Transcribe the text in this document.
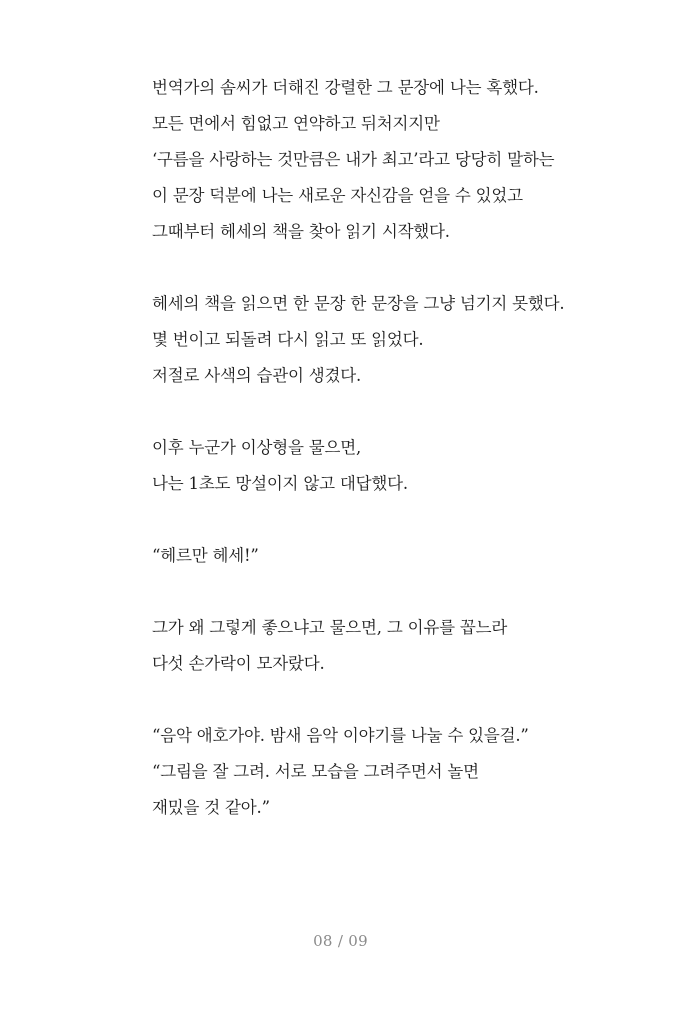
번역가의 솜씨가 더해진 강렬한 그 문장에 나는 혹했다.
모든 면에서 힘없고 연약하고 뒤처지지만
‘구름을 사랑하는 것만큼은 내가 최고’라고 당당히 말하는
이 문장 덕분에 나는 새로운 자신감을 얻을 수 있었고
그때부터 헤세의 책을 찾아 읽기 시작했다.
헤세의 책을 읽으면 한 문장 한 문장을 그냥 넘기지 못했다.
몇 번이고 되돌려 다시 읽고 또 읽었다.
저절로 사색의 습관이 생겼다.
이후 누군가 이상형을 물으면,
나는 1초도 망설이지 않고 대답했다.
“헤르만 헤세!”
그가 왜 그렇게 좋으냐고 물으면, 그 이유를 꼽느라
다섯 손가락이 모자랐다.
“음악 애호가야. 밤새 음악 이야기를 나눌 수 있을걸.”
“그림을 잘 그려. 서로 모습을 그려주면서 놀면
재밌을 것 같아.”
08 / 09
